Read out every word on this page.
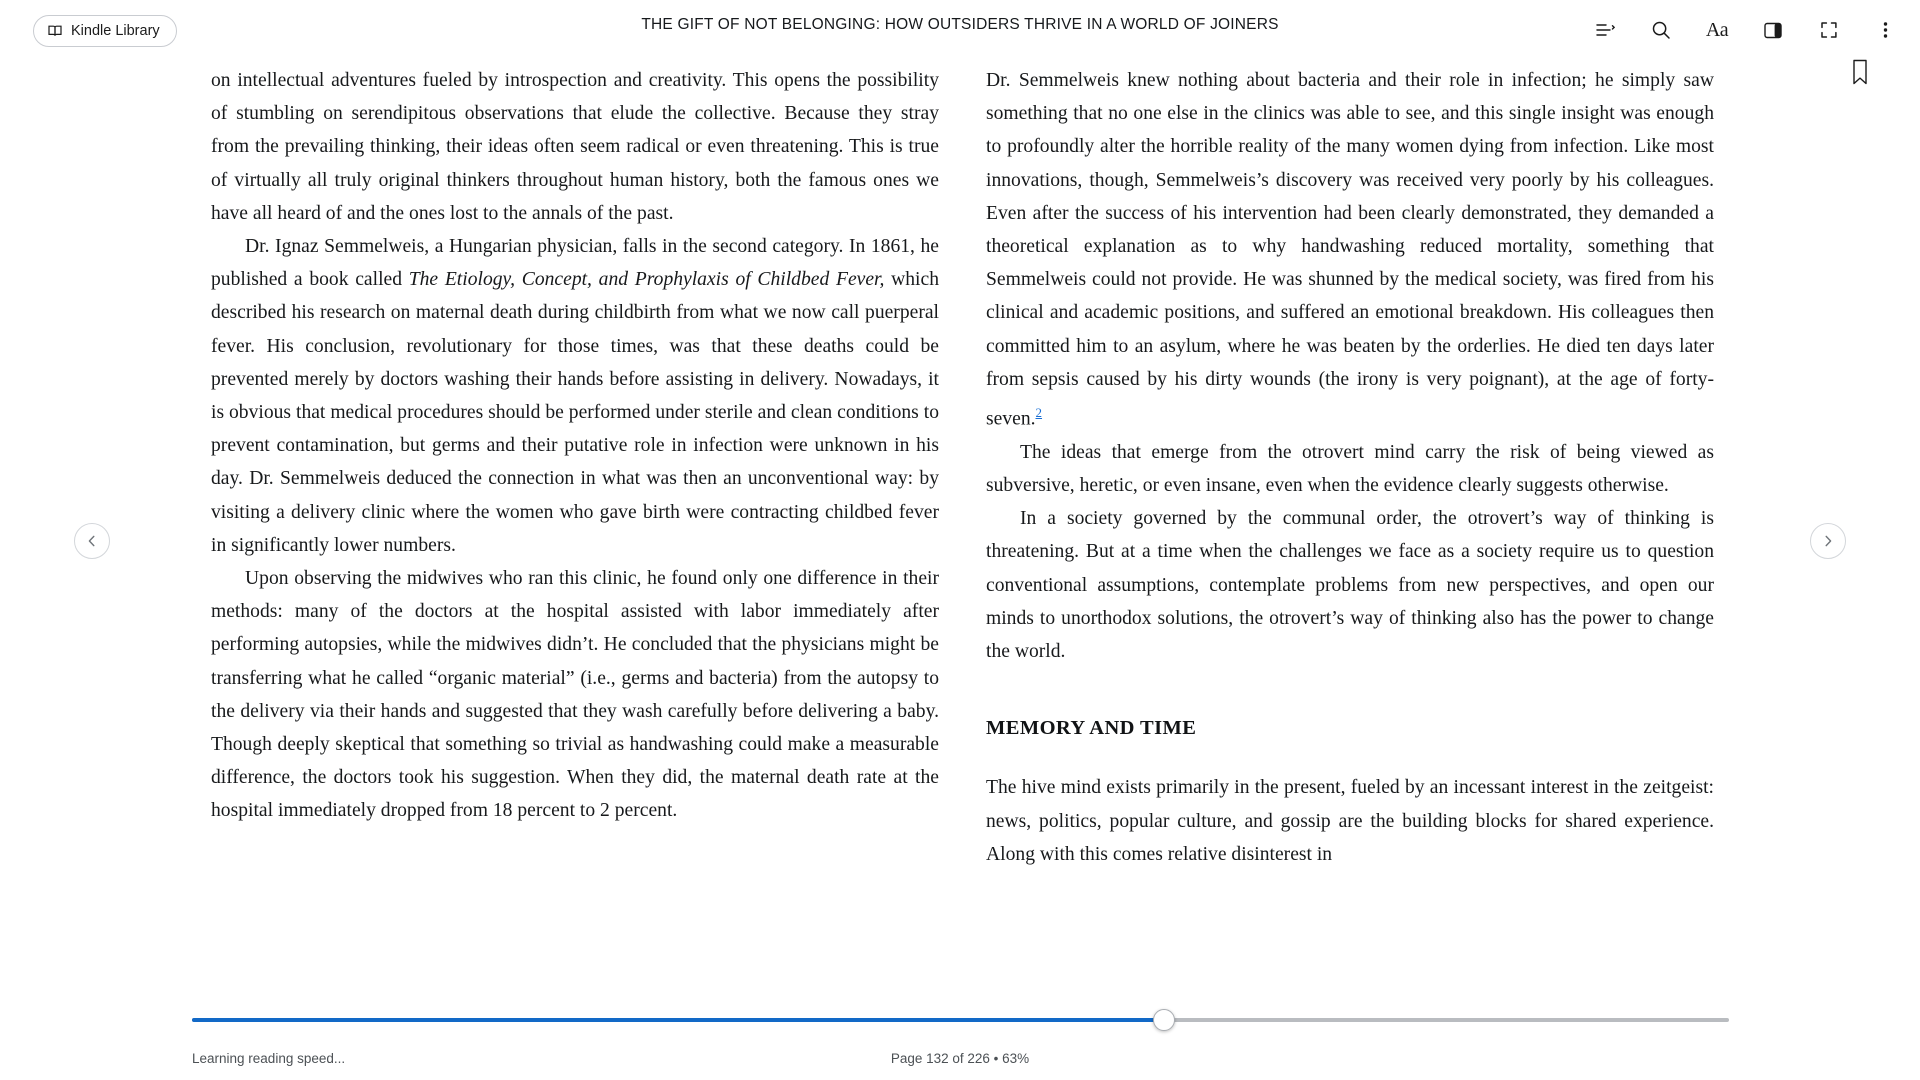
Kindle Library	THE GIFT OF NOT BELONGING: HOW OUTSIDERS THRIVE IN A WORLD OF JOINERS	Aa

on intellectual adventures fueled by introspection and creativity. This opens the possibility of stumbling on serendipitous observations that elude the collective. Because they stray from the prevailing thinking, their ideas often seem radical or even threatening. This is true of virtually all truly original thinkers throughout human history, both the famous ones we have all heard of and the ones lost to the annals of the past.

Dr. Ignaz Semmelweis, a Hungarian physician, falls in the second category. In 1861, he published a book called The Etiology, Concept, and Prophylaxis of Childbed Fever, which described his research on maternal death during childbirth from what we now call puerperal fever. His conclusion, revolutionary for those times, was that these deaths could be prevented merely by doctors washing their hands before assisting in delivery. Nowadays, it is obvious that medical procedures should be performed under sterile and clean conditions to prevent contamination, but germs and their putative role in infection were unknown in his day. Dr. Semmelweis deduced the connection in what was then an unconventional way: by visiting a delivery clinic where the women who gave birth were contracting childbed fever in significantly lower numbers.

Upon observing the midwives who ran this clinic, he found only one difference in their methods: many of the doctors at the hospital assisted with labor immediately after performing autopsies, while the midwives didn’t. He concluded that the physicians might be transferring what he called “organic material” (i.e., germs and bacteria) from the autopsy to the delivery via their hands and suggested that they wash carefully before delivering a baby. Though deeply skeptical that something so trivial as handwashing could make a measurable difference, the doctors took his suggestion. When they did, the maternal death rate at the hospital immediately dropped from 18 percent to 2 percent.

Dr. Semmelweis knew nothing about bacteria and their role in infection; he simply saw something that no one else in the clinics was able to see, and this single insight was enough to profoundly alter the horrible reality of the many women dying from infection. Like most innovations, though, Semmelweis’s discovery was received very poorly by his colleagues. Even after the success of his intervention had been clearly demonstrated, they demanded a theoretical explanation as to why handwashing reduced mortality, something that Semmelweis could not provide. He was shunned by the medical society, was fired from his clinical and academic positions, and suffered an emotional breakdown. His colleagues then committed him to an asylum, where he was beaten by the orderlies. He died ten days later from sepsis caused by his dirty wounds (the irony is very poignant), at the age of forty-seven.$^2$

The ideas that emerge from the otrovert mind carry the risk of being viewed as subversive, heretic, or even insane, even when the evidence clearly suggests otherwise.

In a society governed by the communal order, the otrovert’s way of thinking is threatening. But at a time when the challenges we face as a society require us to question conventional assumptions, contemplate problems from new perspectives, and open our minds to unorthodox solutions, the otrovert’s way of thinking also has the power to change the world.

MEMORY AND TIME

The hive mind exists primarily in the present, fueled by an incessant interest in the zeitgeist: news, politics, popular culture, and gossip are the building blocks for shared experience. Along with this comes relative disinterest in

Learning reading speed...	Page 132 of 226 • 63%
